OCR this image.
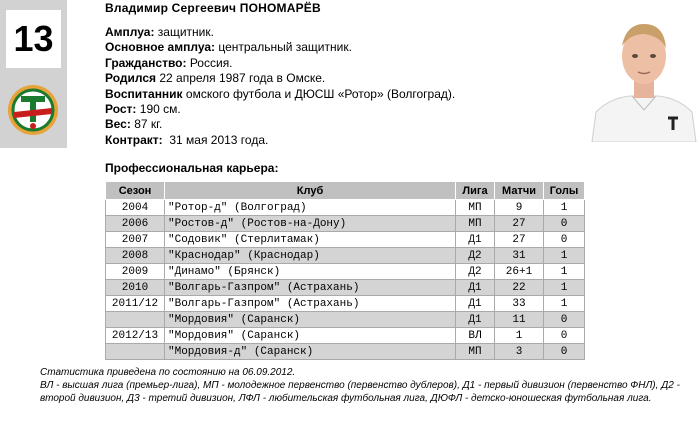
13
Владимир Сергеевич ПОНОМАРЁВ
Амплуа: защитник.
Основное амплуа: центральный защитник.
Гражданство: Россия.
Родился 22 апреля 1987 года в Омске.
Воспитанник омского футбола и ДЮСШ «Ротор» (Волгоград).
Рост: 190 см.
Вес: 87 кг.
Контракт:  31 мая 2013 года.
Профессиональная карьера:
Сезон	Клуб	Лига	Матчи	Голы
2004	"Ротор-д" (Волгоград)	МП	9	1
2006	"Ростов-д" (Ростов-на-Дону)	МП	27	0
2007	"Содовик" (Стерлитамак)	Д1	27	0
2008	"Краснодар" (Краснодар)	Д2	31	1
2009	"Динамо" (Брянск)	Д2	26+1	1
2010	"Волгарь-Газпром" (Астрахань)	Д1	22	1
2011/12	"Волгарь-Газпром" (Астрахань)	Д1	33	1
	"Мордовия" (Саранск)	Д1	11	0
2012/13	"Мордовия" (Саранск)	ВЛ	1	0
	"Мордовия-д" (Саранск)	МП	3	0
Статистика приведена по состоянию на 06.09.2012.
ВЛ - высшая лига (премьер-лига), МП - молодежное первенство (первенство дублеров), Д1 - первый дивизион (первенство ФНЛ), Д2 - второй дивизион, Д3 - третий дивизион, ЛФЛ - любительская футбольная лига, ДЮФЛ - детско-юношеская футбольная лига.
